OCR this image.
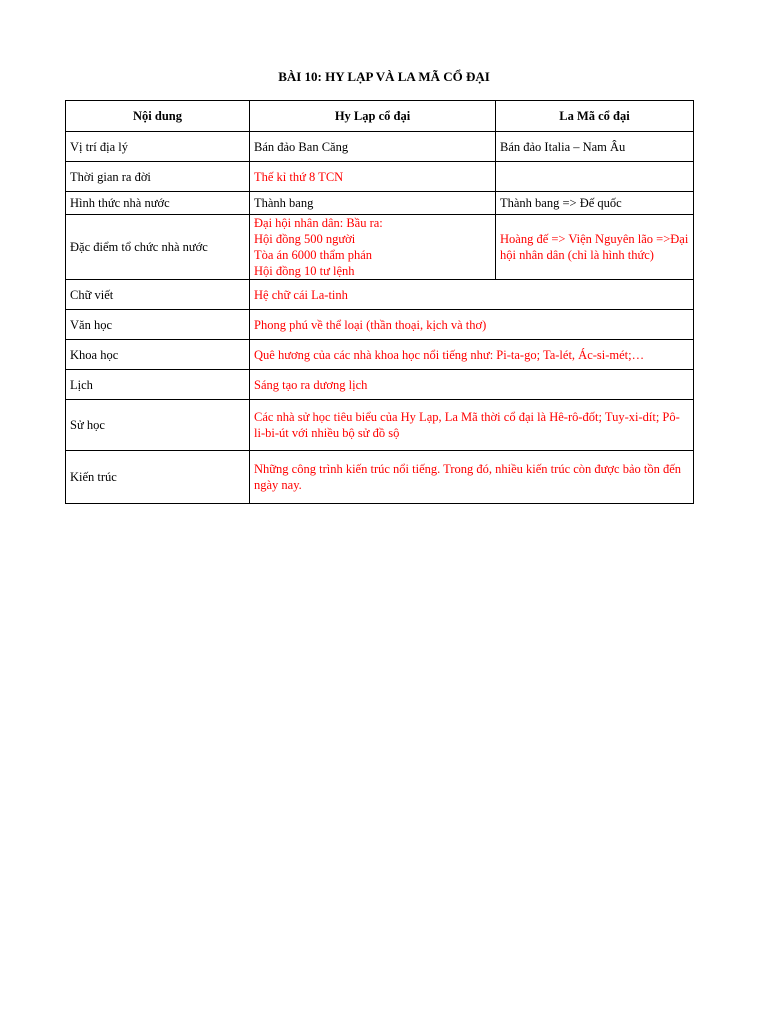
BÀI 10: HY LẠP VÀ LA MÃ CỔ ĐẠI
Nội dung	Hy Lạp cổ đại	La Mã cổ đại
Vị trí địa lý	Bán đảo Ban Căng	Bán đảo Italia – Nam Âu
Thời gian ra đời	Thế kỉ thứ 8 TCN	
Hình thức nhà nước	Thành bang	Thành bang => Đế quốc
Đặc điểm tổ chức nhà nước	Đại hội nhân dân: Bầu ra:
Hội đồng 500 người
Tòa án 6000 thẩm phán
Hội đồng 10 tư lệnh	Hoàng đế => Viện Nguyên lão =>Đại hội nhân dân (chỉ là hình thức)
Chữ viết	Hệ chữ cái La-tinh	
Văn học	Phong phú về thể loại (thần thoại, kịch và thơ)	
Khoa học	Quê hương của các nhà khoa học nổi tiếng như: Pi-ta-go; Ta-lét, Ác-si-mét;…	
Lịch	Sáng tạo ra dương lịch	
Sử học	Các nhà sử học tiêu biểu của Hy Lạp, La Mã thời cổ đại là Hê-rô-đốt; Tuy-xi-dít; Pô-li-bi-út với nhiều bộ sử đồ sộ	
Kiến trúc	Những công trình kiến trúc nổi tiếng. Trong đó, nhiều kiến trúc còn được bảo tồn đến ngày nay.	
